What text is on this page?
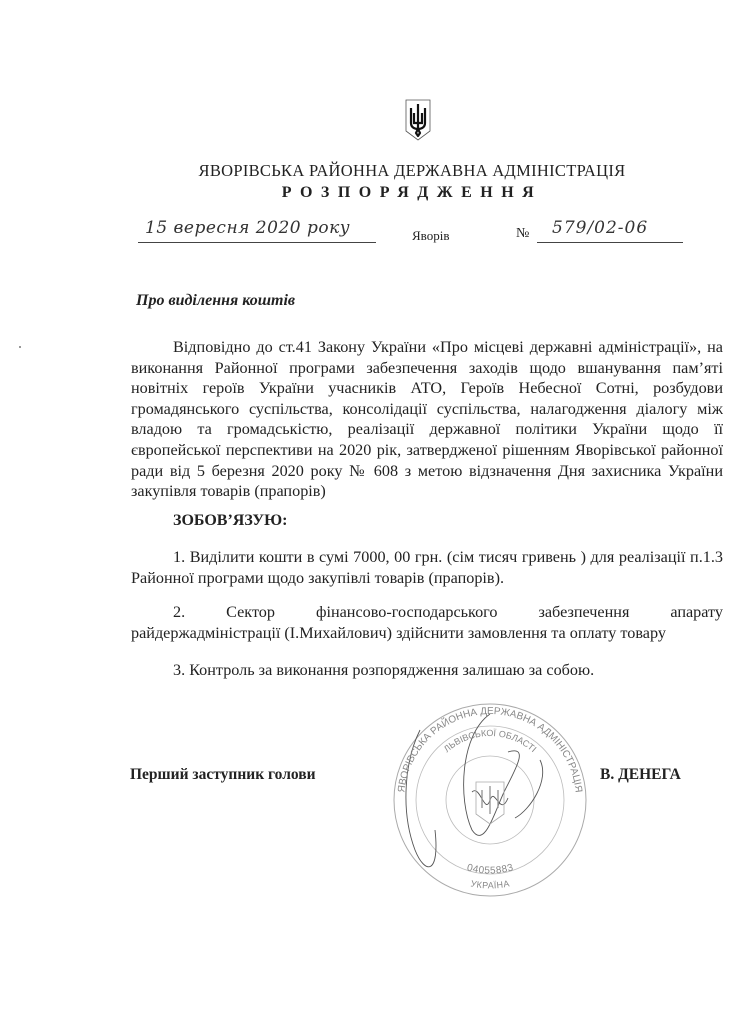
ЯВОРІВСЬКА РАЙОННА ДЕРЖАВНА АДМІНІСТРАЦІЯ
РОЗПОРЯДЖЕННЯ
15 вересня 2020 року	Яворів	№ 579/02-06
Про виділення коштів
Відповідно до ст.41 Закону України «Про місцеві державні адміністрації», на виконання Районної програми забезпечення заходів щодо вшанування пам’яті новітніх героїв України учасників АТО, Героїв Небесної Сотні, розбудови громадянського суспільства, консолідації суспільства, налагодження діалогу між владою та громадськістю, реалізації державної політики України щодо її європейської перспективи на 2020 рік, затвердженої рішенням Яворівської районної ради від 5 березня 2020 року № 608 з метою відзначення Дня захисника України закупівля товарів (прапорів)
ЗОБОВ’ЯЗУЮ:
1. Виділити кошти в сумі 7000, 00 грн. (сім тисяч гривень ) для реалізації п.1.3 Районної програми щодо закупівлі товарів (прапорів).
2. Сектор фінансово-господарського забезпечення апарату райдержадміністрації (І.Михайлович) здійснити замовлення та оплату товару
3. Контроль за виконання розпорядження залишаю за собою.
ЯВОРІВСЬКА РАЙОННА ДЕРЖАВНА АДМІНІСТРАЦІЯ
ЛЬВІВСЬКОЇ ОБЛАСТІ
04055883
УКРАЇНА
Перший заступник голови	В. ДЕНЕГА
